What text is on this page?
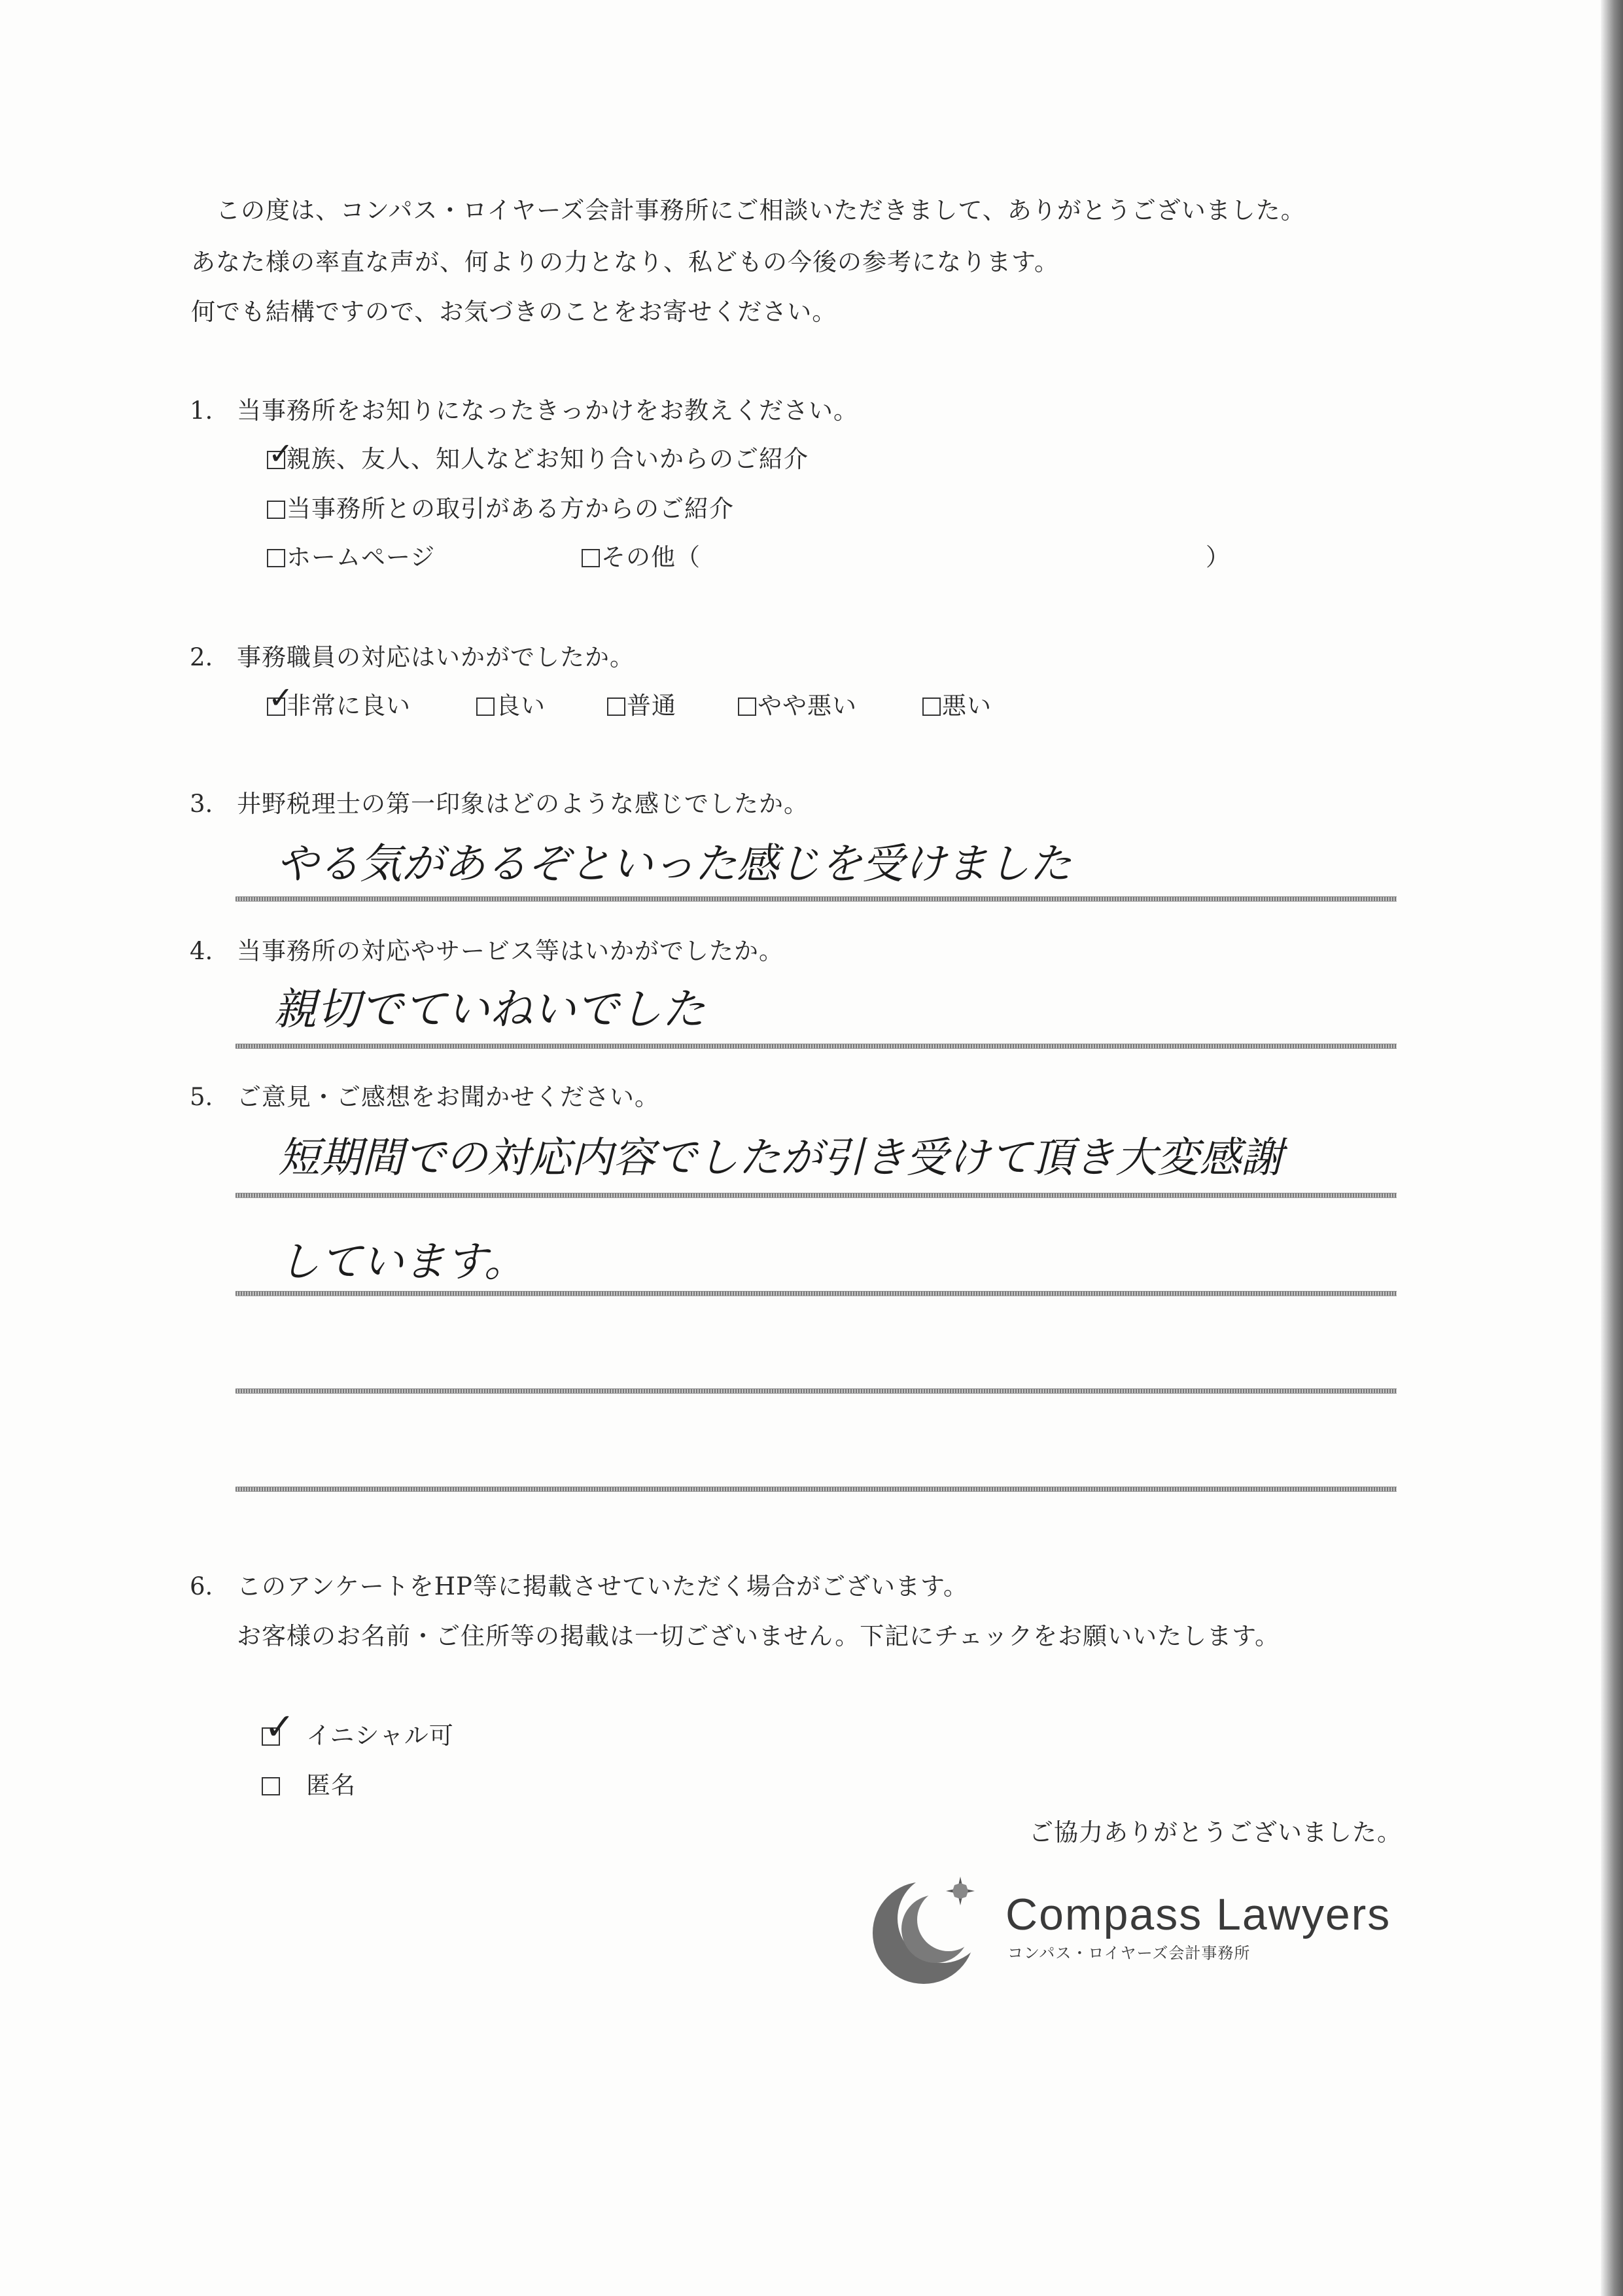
この度は、コンパス・ロイヤーズ会計事務所にご相談いただきまして、ありがとうございました。
あなた様の率直な声が、何よりの力となり、私どもの今後の参考になります。
何でも結構ですので、お気づきのことをお寄せください。
1. 当事務所をお知りになったきっかけをお教えください。
親族、友人、知人などお知り合いからのご紹介
✓
当事務所との取引がある方からのご紹介
ホームページ	その他（	）
2. 事務職員の対応はいかがでしたか。
非常に良い
✓	良い	普通	やや悪い	悪い
3. 井野税理士の第一印象はどのような感じでしたか。
やる気があるぞといった感じを受けました
4. 当事務所の対応やサービス等はいかがでしたか。
親切でていねいでした
5. ご意見・ご感想をお聞かせください。
短期間での対応内容でしたが引き受けて頂き大変感謝
しています。
6. このアンケートをHP等に掲載させていただく場合がございます。
お客様のお名前・ご住所等の掲載は一切ございません。下記にチェックをお願いいたします。
イニシャル可
✓
匿名
ご協力ありがとうございました。
Compass Lawyers
コンパス・ロイヤーズ会計事務所
